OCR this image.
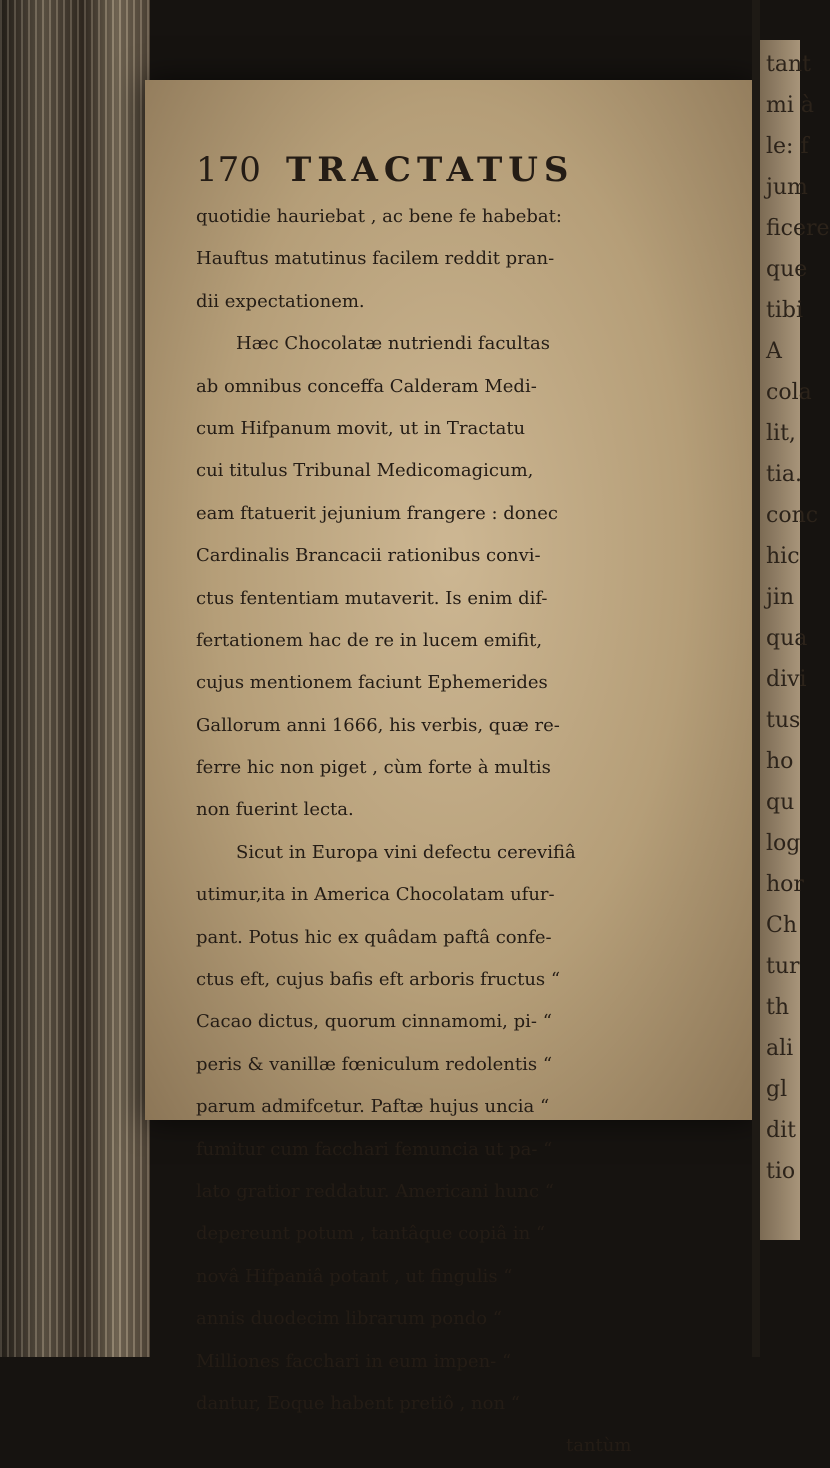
tant
mi à
le: f
jum
ficere
que
tibi
A
cola
lit,
tia.
conc
hic
jin
qua
divi
tus
ho
qu
log
hor
Ch
tur
th
ali
gl
dit
tio
170 TRACTATUS
quotidie hauriebat , ac bene fe habebat:
Hauftus matutinus facilem reddit pran-
dii expectationem.
Hæc Chocolatæ nutriendi facultas
ab omnibus conceffa Calderam Medi-
cum Hifpanum movit, ut in Tractatu
cui titulus Tribunal Medicomagicum,
eam ftatuerit jejunium frangere : donec
Cardinalis Brancacii rationibus convi-
ctus fententiam mutaverit. Is enim dif-
fertationem hac de re in lucem emifit,
cujus mentionem faciunt Ephemerides
Gallorum anni 1666, his verbis, quæ re-
ferre hic non piget , cùm forte à multis
non fuerint lecta.
Sicut in Europa vini defectu cerevifiâ
utimur,ita in America Chocolatam ufur-
pant. Potus hic ex quâdam paftâ confe-
ctus eft, cujus bafis eft arboris fructus “
Cacao dictus, quorum cinnamomi, pi- “
peris & vanillæ fœniculum redolentis “
parum admifcetur. Paftæ hujus uncia “
fumitur cum facchari femuncia ut pa- “
lato gratior reddatur. Americani hunc “
depereunt potum , tantâque copiâ in “
novâ Hifpaniâ potant , ut fingulis “
annis duodecim librarum pondo “
Milliones facchari in eum impen- “
dantur, Eoque habent pretiô , non “
tantùm
